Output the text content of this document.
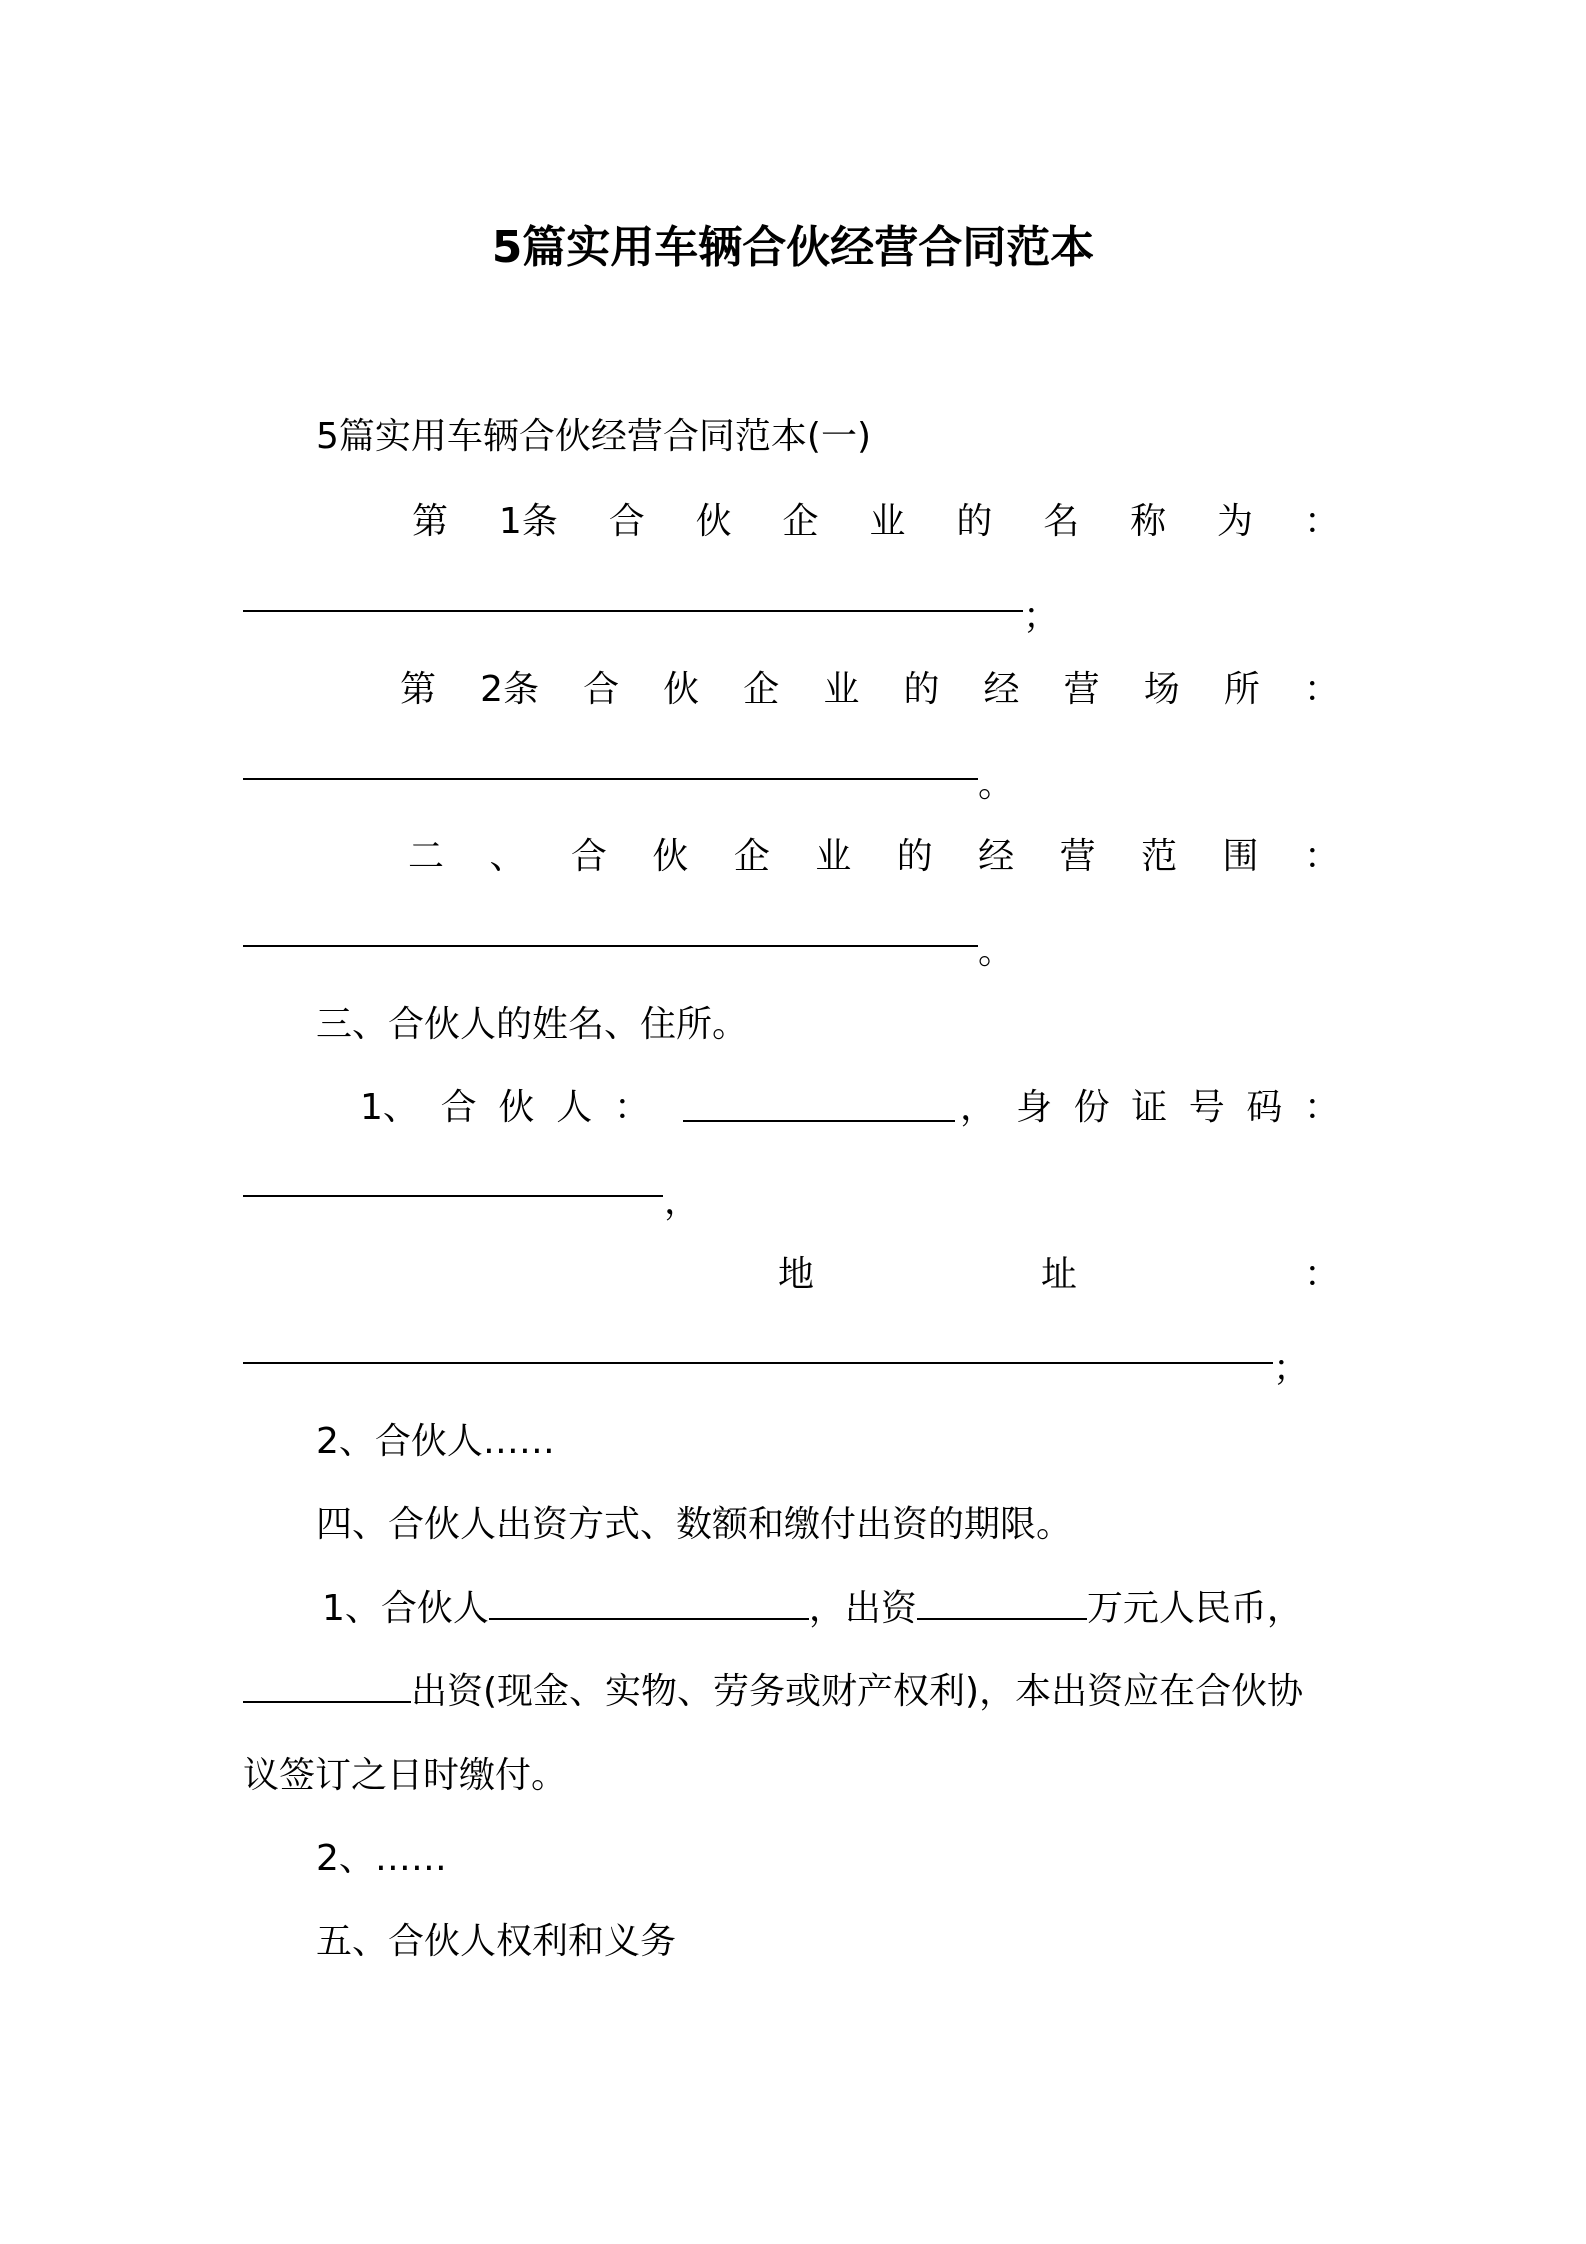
5篇实用车辆合伙经营合同范本
5篇实用车辆合伙经营合同范本(一)
第 1条 合 伙 企 业 的 名 称 为 ：
；
第 2条 合 伙 企 业 的 经 营 场 所 ：
。
二 、 合 伙 企 业 的 经 营 范 围 ：
。
三、合伙人的姓名、住所。
1、 合 伙 人 ：	， 身 份 证 号 码 ：
，
地	址	：
；
2、合伙人……
四、合伙人出资方式、数额和缴付出资的期限。
1、合伙人	，出资	万元人民币，
出资(现金、实物、劳务或财产权利)，本出资应在合伙协
议签订之日时缴付。
2、……
五、合伙人权利和义务
